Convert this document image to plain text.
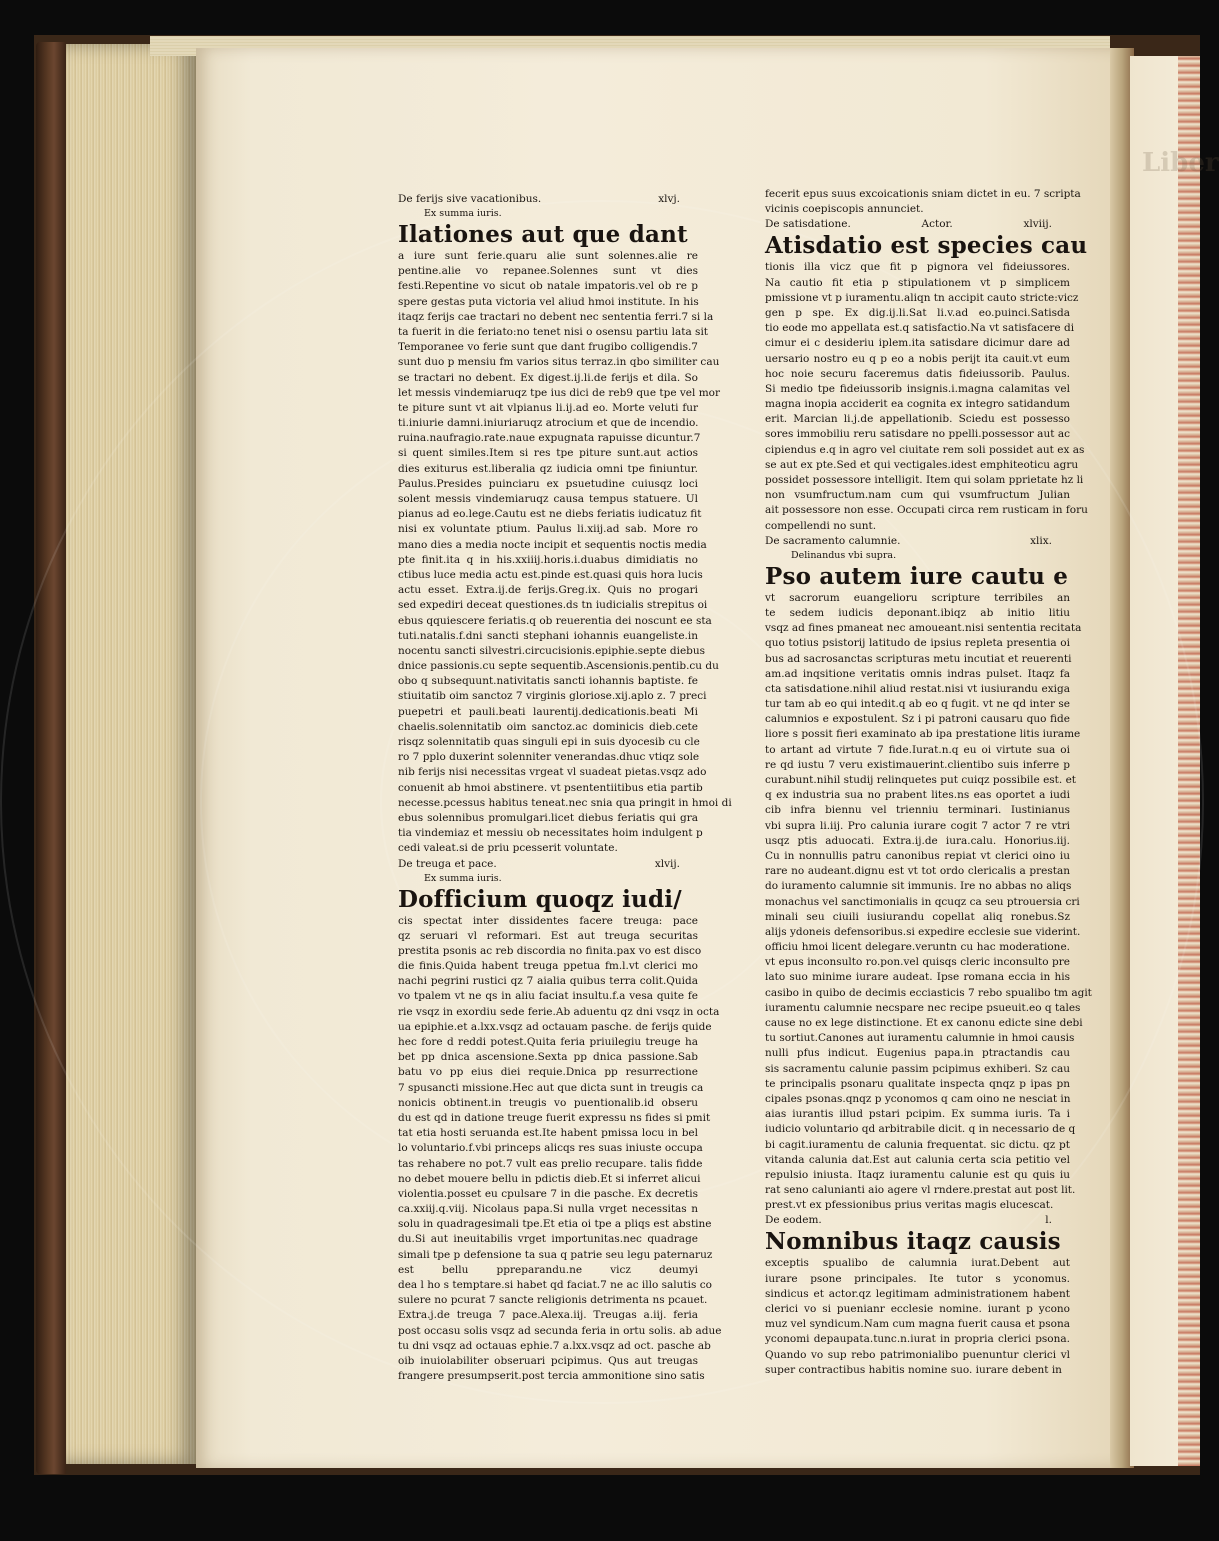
Liber
De ferijs sive vacationibus.	xlvj.
Ex summa iuris.
Ilationes aut que dant
a iure sunt ferie.quaru alie sunt solennes.alie re
pentine.alie vo repanee.Solennes sunt vt dies
festi.Repentine vo sicut ob natale impatoris.vel ob re p
spere gestas puta victoria vel aliud hmoi institute. In his
itaqz ferijs cae tractari no debent nec sententia ferri.7 si la
ta fuerit in die feriato:no tenet nisi o osensu partiu lata sit
Temporanee vo ferie sunt que dant frugibo colligendis.7
sunt duo p mensiu fm varios situs terraz.in qbo similiter cau
se tractari no debent. Ex digest.ij.li.de ferijs et dila. So
let messis vindemiaruqz tpe ius dici de reb9 que tpe vel mor
te piture sunt vt ait vlpianus li.ij.ad eo. Morte veluti fur
ti.iniurie damni.iniuriaruqz atrocium et que de incendio.
ruina.naufragio.rate.naue expugnata rapuisse dicuntur.7
si quent similes.Item si res tpe piture sunt.aut actios
dies exiturus est.liberalia qz iudicia omni tpe finiuntur.
Paulus.Presides puinciaru ex psuetudine cuiusqz loci
solent messis vindemiaruqz causa tempus statuere. Ul
pianus ad eo.lege.Cautu est ne diebs feriatis iudicatuz fit
nisi ex voluntate ptium. Paulus li.xiij.ad sab. More ro
mano dies a media nocte incipit et sequentis noctis media
pte finit.ita q in his.xxiiij.horis.i.duabus dimidiatis no
ctibus luce media actu est.pinde est.quasi quis hora lucis
actu esset. Extra.ij.de ferijs.Greg.ix. Quis no progari
sed expediri deceat questiones.ds tn iudicialis strepitus oi
ebus qquiescere feriatis.q ob reuerentia dei noscunt ee sta
tuti.natalis.f.dni sancti stephani iohannis euangeliste.in
nocentu sancti silvestri.circucisionis.epiphie.septe diebus
dnice passionis.cu septe sequentib.Ascensionis.pentib.cu du
obo q subsequunt.nativitatis sancti iohannis baptiste. fe
stiuitatib oim sanctoz 7 virginis gloriose.xij.aplo z. 7 preci
puepetri et pauli.beati laurentij.dedicationis.beati Mi
chaelis.solennitatib oim sanctoz.ac dominicis dieb.cete
risqz solennitatib quas singuli epi in suis dyocesib cu cle
ro 7 pplo duxerint solenniter venerandas.dhuc vtiqz sole
nib ferijs nisi necessitas vrgeat vl suadeat pietas.vsqz ado
conuenit ab hmoi abstinere. vt psententiitibus etia partib
necesse.pcessus habitus teneat.nec snia qua pringit in hmoi di
ebus solennibus promulgari.licet diebus feriatis qui gra
tia vindemiaz et messiu ob necessitates hoim indulgent p
cedi valeat.si de priu pcesserit voluntate.
De treuga et pace.	xlvij.
Ex summa iuris.
Dofficium quoqz iudi/
cis spectat inter dissidentes facere treuga: pace
qz seruari vl reformari. Est aut treuga securitas
prestita psonis ac reb discordia no finita.pax vo est disco
die finis.Quida habent treuga ppetua fm.l.vt clerici mo
nachi pegrini rustici qz 7 aialia quibus terra colit.Quida
vo tpalem vt ne qs in aliu faciat insultu.f.a vesa quite fe
rie vsqz in exordiu sede ferie.Ab aduentu qz dni vsqz in octa
ua epiphie.et a.lxx.vsqz ad octauam pasche. de ferijs quide
hec fore d reddi potest.Quita feria priuilegiu treuge ha
bet pp dnica ascensione.Sexta pp dnica passione.Sab
batu vo pp eius diei requie.Dnica pp resurrectione
7 spusancti missione.Hec aut que dicta sunt in treugis ca
nonicis obtinent.in treugis vo puentionalib.id obseru
du est qd in datione treuge fuerit expressu ns fides si pmit
tat etia hosti seruanda est.Ite habent pmissa locu in bel
lo voluntario.f.vbi princeps alicqs res suas iniuste occupa
tas rehabere no pot.7 vult eas prelio recupare. talis fidde
no debet mouere bellu in pdictis dieb.Et si inferret alicui
violentia.posset eu cpulsare 7 in die pasche. Ex decretis
ca.xxiij.q.viij. Nicolaus papa.Si nulla vrget necessitas n
solu in quadragesimali tpe.Et etia oi tpe a pliqs est abstine
du.Si aut ineuitabilis vrget importunitas.nec quadrage
simali tpe p defensione ta sua q patrie seu legu paternaruz
est bellu ppreparandu.ne vicz deumyi
dea l ho s temptare.si habet qd faciat.7 ne ac illo salutis co
sulere no pcurat 7 sancte religionis detrimenta ns pcauet.
Extra.j.de treuga 7 pace.Alexa.iij. Treugas a.iij. feria
post occasu solis vsqz ad secunda feria in ortu solis. ab adue
tu dni vsqz ad octauas ephie.7 a.lxx.vsqz ad oct. pasche ab
oib inuiolabiliter obseruari pcipimus. Qus aut treugas
frangere presumpserit.post tercia ammonitione sino satis
fecerit epus suus excoicationis sniam dictet in eu. 7 scripta
vicinis coepiscopis annunciet.
De satisdatione.	Actor.	xlviij.
Atisdatio est species cau
tionis illa vicz que fit p pignora vel fideiussores.
Na cautio fit etia p stipulationem vt p simplicem
pmissione vt p iuramentu.aliqn tn accipit cauto stricte:vicz
gen p spe. Ex dig.ij.li.Sat li.v.ad eo.puinci.Satisda
tio eode mo appellata est.q satisfactio.Na vt satisfacere di
cimur ei c desideriu iplem.ita satisdare dicimur dare ad
uersario nostro eu q p eo a nobis perijt ita cauit.vt eum
hoc noie securu faceremus datis fideiussorib. Paulus.
Si medio tpe fideiussorib insignis.i.magna calamitas vel
magna inopia acciderit ea cognita ex integro satidandum
erit. Marcian li.j.de appellationib. Sciedu est possesso
sores immobiliu reru satisdare no ppelli.possessor aut ac
cipiendus e.q in agro vel ciuitate rem soli possidet aut ex as
se aut ex pte.Sed et qui vectigales.idest emphiteoticu agru
possidet possessore intelligit. Item qui solam pprietate hz li
non vsumfructum.nam cum qui vsumfructum Julian
ait possessore non esse. Occupati circa rem rusticam in foru
compellendi no sunt.
De sacramento calumnie.	xlix.
Delinandus vbi supra.
Pso autem iure cautu e
vt sacrorum euangelioru scripture terribiles an
te sedem iudicis deponant.ibiqz ab initio litiu
vsqz ad fines pmaneat nec amoueant.nisi sententia recitata
quo totius psistorij latitudo de ipsius repleta presentia oi
bus ad sacrosanctas scripturas metu incutiat et reuerenti
am.ad inqsitione veritatis omnis indras pulset. Itaqz fa
cta satisdatione.nihil aliud restat.nisi vt iusiurandu exiga
tur tam ab eo qui intedit.q ab eo q fugit. vt ne qd inter se
calumnios e expostulent. Sz i pi patroni causaru quo fide
liore s possit fieri examinato ab ipa prestatione litis iurame
to artant ad virtute 7 fide.Iurat.n.q eu oi virtute sua oi
re qd iustu 7 veru existimauerint.clientibo suis inferre p
curabunt.nihil studij relinquetes put cuiqz possibile est. et
q ex industria sua no prabent lites.ns eas oportet a iudi
cib infra biennu vel trienniu terminari. Iustinianus
vbi supra li.iij. Pro calunia iurare cogit 7 actor 7 re vtri
usqz ptis aduocati. Extra.ij.de iura.calu. Honorius.iij.
Cu in nonnullis patru canonibus repiat vt clerici oino iu
rare no audeant.dignu est vt tot ordo clericalis a prestan
do iuramento calumnie sit immunis. Ire no abbas no aliqs
monachus vel sanctimonialis in qcuqz ca seu ptrouersia cri
minali seu ciuili iusiurandu copellat aliq ronebus.Sz
alijs ydoneis defensoribus.si expedire ecclesie sue viderint.
officiu hmoi licent delegare.veruntn cu hac moderatione.
vt epus inconsulto ro.pon.vel quisqs cleric inconsulto pre
lato suo minime iurare audeat. Ipse romana eccia in his
casibo in quibo de decimis ecciasticis 7 rebo spualibo tm agit
iuramentu calumnie necspare nec recipe psueuit.eo q tales
cause no ex lege distinctione. Et ex canonu edicte sine debi
tu sortiut.Canones aut iuramentu calumnie in hmoi causis
nulli pfus indicut. Eugenius papa.in ptractandis cau
sis sacramentu calunie passim pcipimus exhiberi. Sz cau
te principalis psonaru qualitate inspecta qnqz p ipas pn
cipales psonas.qnqz p yconomos q cam oino ne nesciat in
aias iurantis illud pstari pcipim. Ex summa iuris. Ta i
iudicio voluntario qd arbitrabile dicit. q in necessario de q
bi cagit.iuramentu de calunia frequentat. sic dictu. qz pt
vitanda calunia dat.Est aut calunia certa scia petitio vel
repulsio iniusta. Itaqz iuramentu calunie est qu quis iu
rat seno calunianti aio agere vl rndere.prestat aut post lit.
prest.vt ex pfessionibus prius veritas magis elucescat.
De eodem.	l.
Nomnibus itaqz causis
exceptis spualibo de calumnia iurat.Debent aut
iurare psone principales. Ite tutor s yconomus.
sindicus et actor.qz legitimam administrationem habent
clerici vo si puenianr ecclesie nomine. iurant p ycono
muz vel syndicum.Nam cum magna fuerit causa et psona
yconomi depaupata.tunc.n.iurat in propria clerici psona.
Quando vo sup rebo patrimonialibo puenuntur clerici vl
super contractibus habitis nomine suo. iurare debent in
